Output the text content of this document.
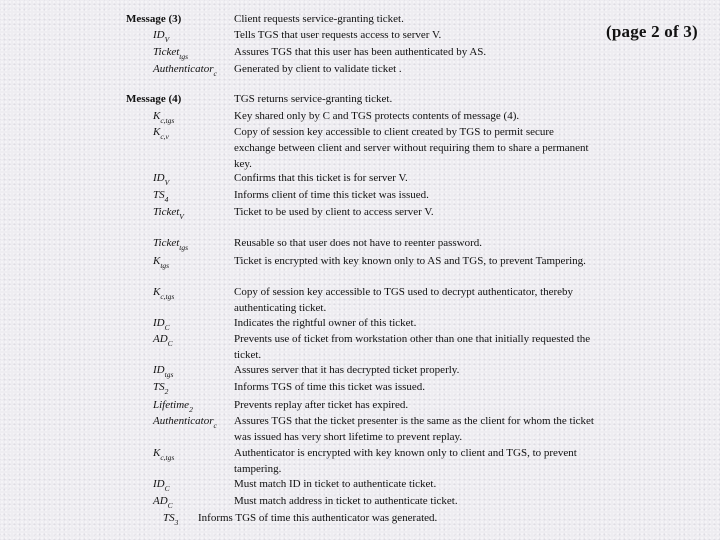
(page 2 of 3)
Message (3)	Client requests service-granting ticket.
$ID_V$	Tells TGS that user requests access to server V.
Ticket$_{tgs}$	Assures TGS that this user has been authenticated by AS.
Authenticator$_c$ Generated by client to validate ticket .
Message (4)	TGS returns service-granting ticket.
$K_{c,tgs}$	Key shared only by C and TGS protects contents of message (4).
$K_{c,v}$	Copy of session key accessible to client created by TGS to permit secure exchange between client and server without requiring them to share a permanent key.
$ID_V$	Confirms that this ticket is for server V.
$TS_4$	Informs client of time this ticket was issued.
Ticket$_V$	Ticket to be used by client to access server V.
Ticket$_{tgs}$	Reusable so that user does not have to reenter password.
$K_{tgs}$	Ticket is encrypted with key known only to AS and TGS, to prevent Tampering.
$K_{c,tgs}$	Copy of session key accessible to TGS used to decrypt authenticator, thereby authenticating ticket.
$ID_C$	Indicates the rightful owner of this ticket.
$AD_C$	Prevents use of ticket from workstation other than one that initially requested the ticket.
$ID_{tgs}$	Assures server that it has decrypted ticket properly.
$TS_2$	Informs TGS of time this ticket was issued.
Lifetime$_2$	Prevents replay after ticket has expired.
Authenticator$_c$ Assures TGS that the ticket presenter is the same as the client for whom the ticket was issued has very short lifetime to prevent replay.
$K_{c,tgs}$	Authenticator is encrypted with key known only to client and TGS, to prevent tampering.
$ID_C$	Must match ID in ticket to authenticate ticket.
$AD_C$	Must match address in ticket to authenticate ticket.
$TS_3$ Informs TGS of time this authenticator was generated.
